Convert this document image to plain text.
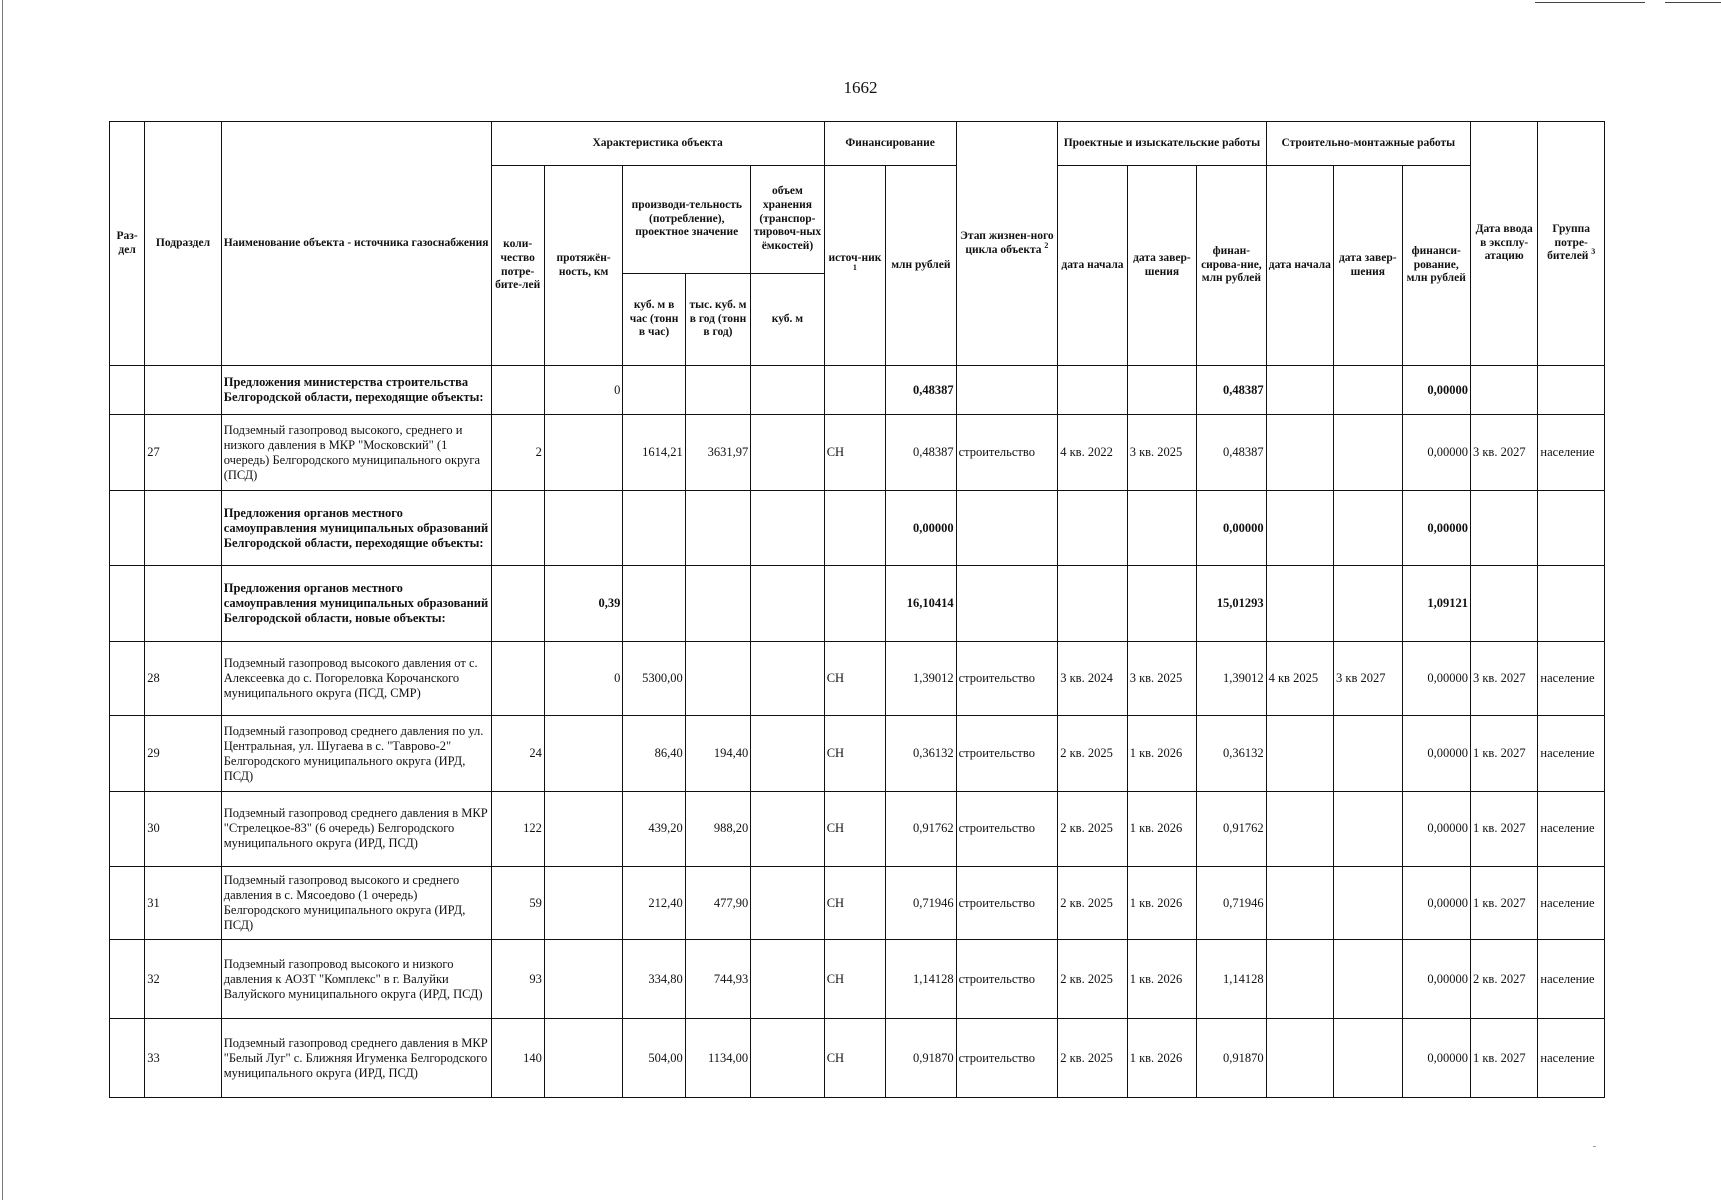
1662
Раз-дел	Подраздел	Наименование объекта - источника газоснабжения	Характеристика объекта					Финансирование		Этап жизнен-ного цикла объекта $^2$	Проектные и изыскательские работы			Строительно-монтажные работы			Дата ввода в эксплу-атацию	Группа потре-бителей $^3$
			коли-чество потре-бите-лей	протяжён-ность, км	производи-тельность (потребление), проектное значение		объем хранения (транспор-тировоч-ных ёмкостей)	источ-ник $^1$	млн рублей		дата начала	дата завер-шения	финан-сирова-ние, млн рублей	дата начала	дата завер-шения	финанси-рование, млн рублей		
					куб. м в час (тонн в час)	тыс. куб. м в год (тонн в год)	куб. м											
		Предложения министерства строительства Белгородской области, переходящие объекты:		0					0,48387				0,48387			0,00000		
	27	Подземный газопровод высокого, среднего и низкого давления в МКР "Московский" (1 очередь) Белгородского муниципального округа (ПСД)	2		1614,21	3631,97		СН	0,48387	строительство	4 кв. 2022	3 кв. 2025	0,48387			0,00000	3 кв. 2027	население
		Предложения органов местного самоуправления муниципальных образований Белгородской области, переходящие объекты:							0,00000				0,00000			0,00000		
		Предложения органов местного самоуправления муниципальных образований Белгородской области, новые объекты:		0,39					16,10414				15,01293			1,09121		
	28	Подземный газопровод высокого давления от с. Алексеевка до с. Погореловка Корочанского муниципального округа (ПСД, СМР)		0	5300,00			СН	1,39012	строительство	3 кв. 2024	3 кв. 2025	1,39012	4 кв 2025	3 кв 2027	0,00000	3 кв. 2027	население
	29	Подземный газопровод среднего давления по ул. Центральная, ул. Шугаева в с. "Таврово-2" Белгородского муниципального округа (ИРД, ПСД)	24		86,40	194,40		СН	0,36132	строительство	2 кв. 2025	1 кв. 2026	0,36132			0,00000	1 кв. 2027	население
	30	Подземный газопровод среднего давления в МКР "Стрелецкое-83" (6 очередь) Белгородского муниципального округа (ИРД, ПСД)	122		439,20	988,20		СН	0,91762	строительство	2 кв. 2025	1 кв. 2026	0,91762			0,00000	1 кв. 2027	население
	31	Подземный газопровод высокого и среднего давления в с. Мясоедово (1 очередь) Белгородского муниципального округа (ИРД, ПСД)	59		212,40	477,90		СН	0,71946	строительство	2 кв. 2025	1 кв. 2026	0,71946			0,00000	1 кв. 2027	население
	32	Подземный газопровод высокого и низкого давления к АОЗТ "Комплекс" в г. Валуйки Валуйского муниципального округа (ИРД, ПСД)	93		334,80	744,93		СН	1,14128	строительство	2 кв. 2025	1 кв. 2026	1,14128			0,00000	2 кв. 2027	население
	33	Подземный газопровод среднего давления в МКР "Белый Луг" с. Ближняя Игуменка Белгородского муниципального округа (ИРД, ПСД)	140		504,00	1134,00		СН	0,91870	строительство	2 кв. 2025	1 кв. 2026	0,91870			0,00000	1 кв. 2027	население
